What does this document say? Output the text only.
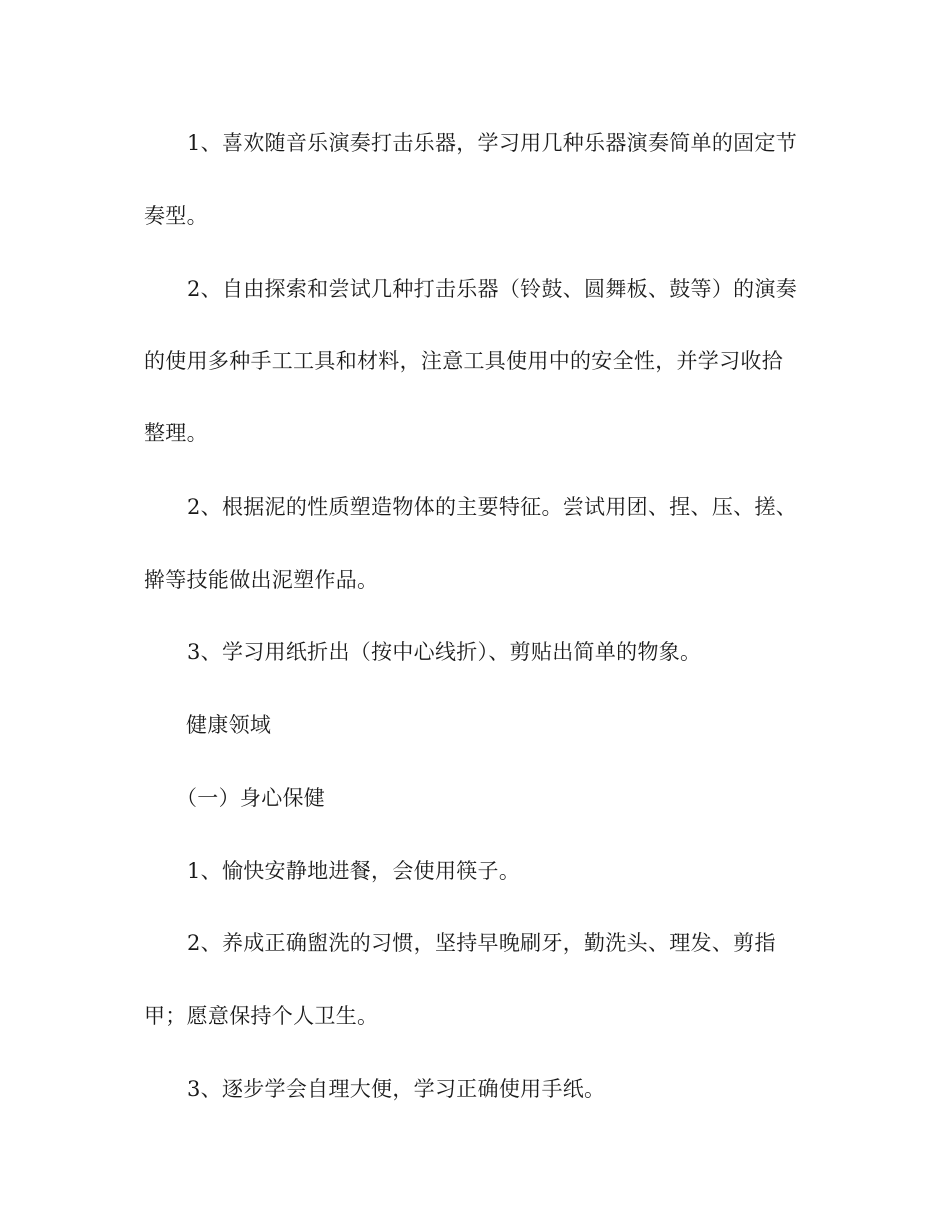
1、喜欢随音乐演奏打击乐器，学习用几种乐器演奏简单的固定节

奏型。

2、自由探索和尝试几种打击乐器（铃鼓、圆舞板、鼓等）的演奏

的使用多种手工工具和材料，注意工具使用中的安全性，并学习收拾

整理。

2、根据泥的性质塑造物体的主要特征。尝试用团、捏、压、搓、

擀等技能做出泥塑作品。

3、学习用纸折出（按中心线折）、剪贴出简单的物象。

健康领域

（一）身心保健

1、愉快安静地进餐，会使用筷子。

2、养成正确盥洗的习惯，坚持早晚刷牙，勤洗头、理发、剪指

甲；愿意保持个人卫生。

3、逐步学会自理大便，学习正确使用手纸。
